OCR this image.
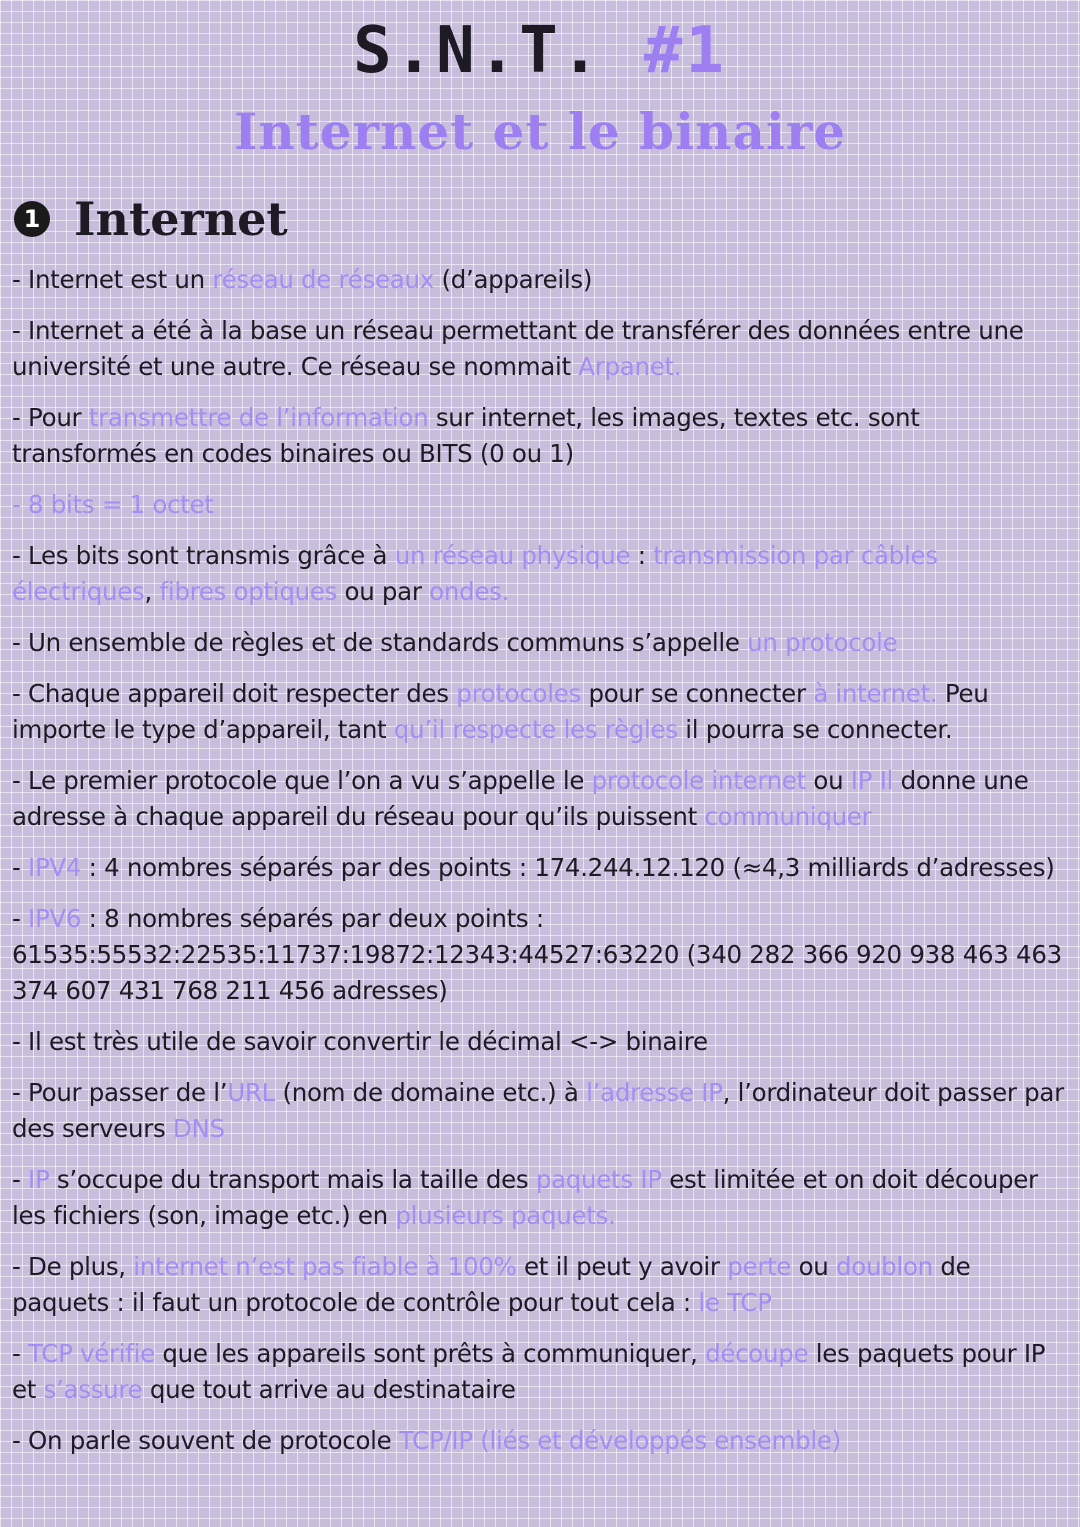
S.N.T. #1
Internet et le binaire
1 Internet

- Internet est un réseau de réseaux (d’appareils)

- Internet a été à la base un réseau permettant de transférer des données entre une université et une autre. Ce réseau se nommait Arpanet.

- Pour transmettre de l’information sur internet, les images, textes etc. sont transformés en codes binaires ou BITS (0 ou 1)

- 8 bits = 1 octet

- Les bits sont transmis grâce à un réseau physique : transmission par câbles électriques, fibres optiques ou par ondes.

- Un ensemble de règles et de standards communs s’appelle un protocole

- Chaque appareil doit respecter des protocoles pour se connecter à internet. Peu importe le type d’appareil, tant qu’il respecte les règles il pourra se connecter.

- Le premier protocole que l’on a vu s’appelle le protocole internet ou IP Il donne une adresse à chaque appareil du réseau pour qu’ils puissent communiquer

- IPV4 : 4 nombres séparés par des points : 174.244.12.120 (≈4,3 milliards d’adresses)

- IPV6 : 8 nombres séparés par deux points : 61535:55532:22535:11737:19872:12343:44527:63220 (340 282 366 920 938 463 463 374 607 431 768 211 456 adresses)

- Il est très utile de savoir convertir le décimal <-> binaire

- Pour passer de l’URL (nom de domaine etc.) à l’adresse IP, l’ordinateur doit passer par des serveurs DNS

- IP s’occupe du transport mais la taille des paquets IP est limitée et on doit découper les fichiers (son, image etc.) en plusieurs paquets.

- De plus, internet n’est pas fiable à 100% et il peut y avoir perte ou doublon de paquets : il faut un protocole de contrôle pour tout cela : le TCP

- TCP vérifie que les appareils sont prêts à communiquer, découpe les paquets pour IP et s’assure que tout arrive au destinataire

- On parle souvent de protocole TCP/IP (liés et développés ensemble)
